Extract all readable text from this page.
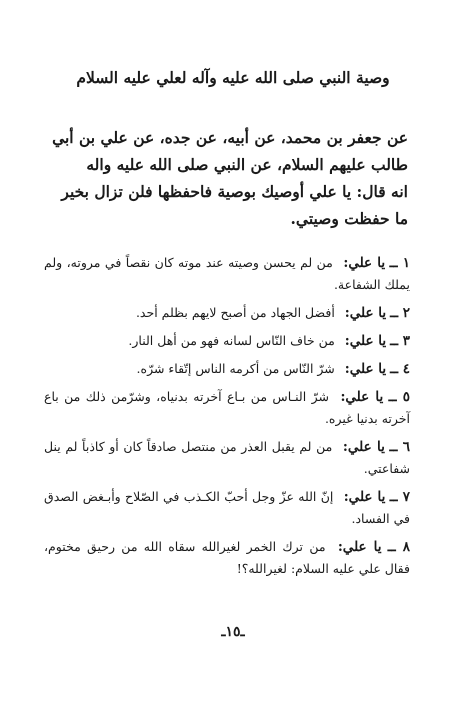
وصية النبي صلى الله عليه وآله لعلي عليه السلام

عن جعفر بن محمد، عن أبيه، عن جده، عن علي بن أبي

طالب عليهم السلام، عن النبي صلى الله عليه واله

انه قال: يا علي أوصيك بوصية فاحفظها فلن تزال بخير

ما حفظت وصيتي.

١ ــ يا علي: من لم يحسن وصيته عند موته كان نقصاً في مروته، ولم يملك الشفاعة.

٢ ــ يا علي: أفضل الجهاد من أصبح لايهم بظلم أحد.

٣ ــ يا علي: من خاف النّاس لسانه فهو من أهل النار.

٤ ــ يا علي: شرّ النّاس من أكرمه الناس إتّقاء شرّه.

٥ ــ يا علي: شرّ النـاس من بـاع آخرته بدنياه، وشرّمن ذلك من باع آخرته بدنيا غيره.

٦ ــ يا علي: من لم يقبل العذر من منتصل صادقاً كان أو كاذباً لم ينل شفاعتي.

٧ ــ يا علي: إنّ الله عزّ وجل أحبّ الكـذب في الصّلاح وأبـغض الصدق في الفساد.

٨ ــ يا علي: من ترك الخمر لغيرالله سقاه الله من رحيق مختوم، فقال علي عليه السلام: لغيرالله؟!

ـ١٥ـ
